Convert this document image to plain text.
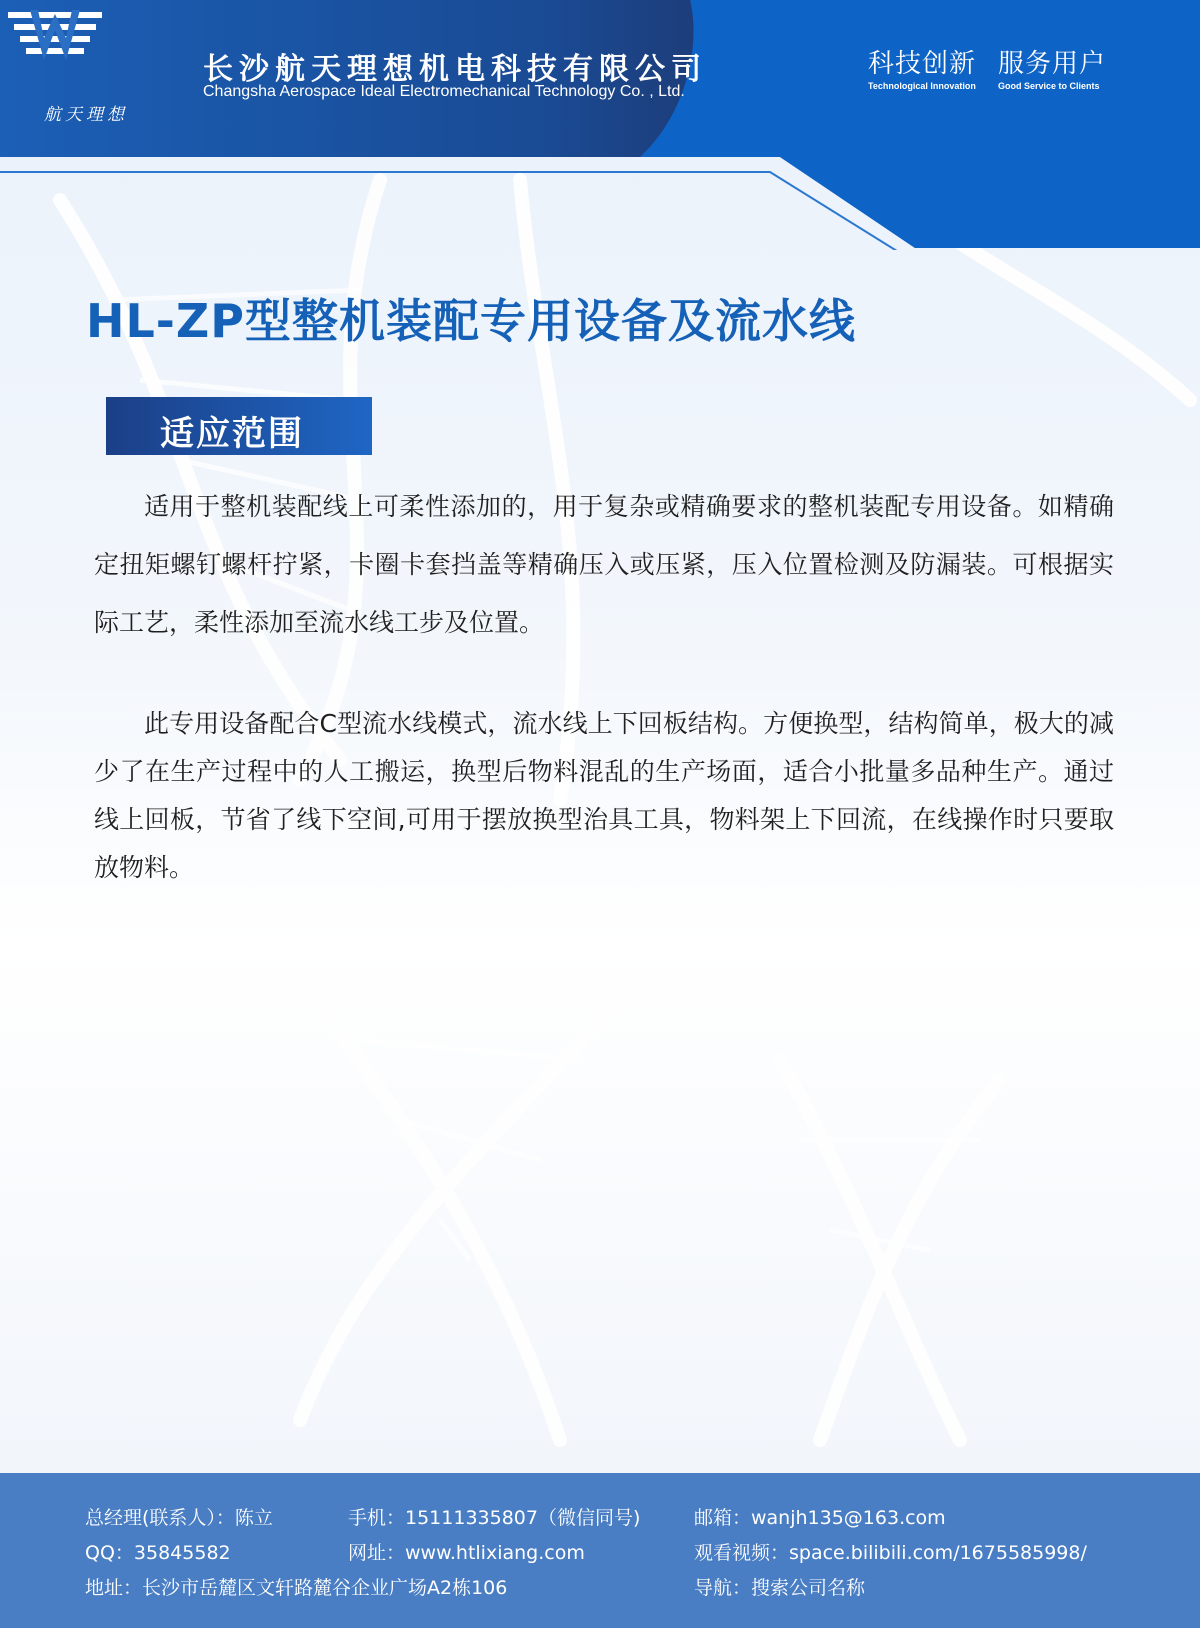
航天理想
长沙航天理想机电科技有限公司
Changsha Aerospace Ideal Electromechanical Technology Co. , Ltd.
科技创新
Technological Innovation
服务用户
Good Service to Clients
HL-ZP型整机装配专用设备及流水线
适应范围

适用于整机装配线上可柔性添加的，用于复杂或精确要求的整机装配专用设备。如精确定扭矩螺钉螺杆拧紧，卡圈卡套挡盖等精确压入或压紧，压入位置检测及防漏装。可根据实际工艺，柔性添加至流水线工步及位置。

此专用设备配合C型流水线模式，流水线上下回板结构。方便换型，结构简单，极大的减少了在生产过程中的人工搬运，换型后物料混乱的生产场面，适合小批量多品种生产。通过线上回板，节省了线下空间,可用于摆放换型治具工具，物料架上下回流，在线操作时只要取放物料。

总经理(联系人）：陈立	手机：15111335807（微信同号)	邮箱：wanjh135@163.com
QQ：35845582	网址：www.htlixiang.com	观看视频：space.bilibili.com/1675585998/
地址：长沙市岳麓区文轩路麓谷企业广场A2栋106	导航：搜索公司名称
